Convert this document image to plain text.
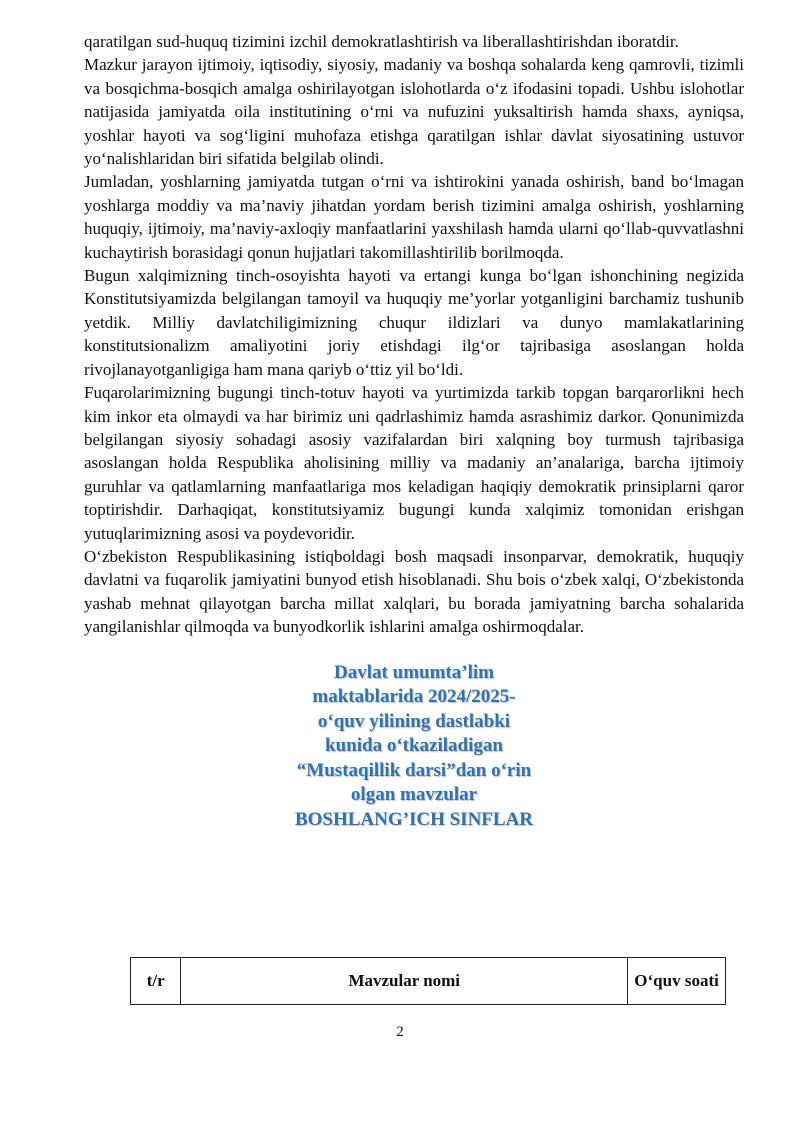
qaratilgan sud-huquq tizimini izchil demokratlashtirish va liberallashtirishdan iboratdir.

Mazkur jarayon ijtimoiy, iqtisodiy, siyosiy, madaniy va boshqa sohalarda keng qamrovli, tizimli va bosqichma-bosqich amalga oshirilayotgan islohotlarda o‘z ifodasini topadi. Ushbu islohotlar natijasida jamiyatda oila institutining o‘rni va nufuzini yuksaltirish hamda shaxs, ayniqsa, yoshlar hayoti va sog‘ligini muhofaza etishga qaratilgan ishlar davlat siyosatining ustuvor yo‘nalishlaridan biri sifatida belgilab olindi.

Jumladan, yoshlarning jamiyatda tutgan o‘rni va ishtirokini yanada oshirish, band bo‘lmagan yoshlarga moddiy va ma’naviy jihatdan yordam berish tizimini amalga oshirish, yoshlarning huquqiy, ijtimoiy, ma’naviy-axloqiy manfaatlarini yaxshilash hamda ularni qo‘llab-quvvatlashni kuchaytirish borasidagi qonun hujjatlari takomillashtirilib borilmoqda.

Bugun xalqimizning tinch-osoyishta hayoti va ertangi kunga bo‘lgan ishonchining negizida Konstitutsiyamizda belgilangan tamoyil va huquqiy me’yorlar yotganligini barchamiz tushunib yetdik. Milliy davlatchiligimizning chuqur ildizlari va dunyo mamlakatlarining konstitutsionalizm amaliyotini joriy etishdagi ilg‘or tajribasiga asoslangan holda rivojlanayotganligiga ham mana qariyb o‘ttiz yil bo‘ldi.

Fuqarolarimizning bugungi tinch-totuv hayoti va yurtimizda tarkib topgan barqarorlikni hech kim inkor eta olmaydi va har birimiz uni qadrlashimiz hamda asrashimiz darkor. Qonunimizda belgilangan siyosiy sohadagi asosiy vazifalardan biri xalqning boy turmush tajribasiga asoslangan holda Respublika aholisining milliy va madaniy an’analariga, barcha ijtimoiy guruhlar va qatlamlarning manfaatlariga mos keladigan haqiqiy demokratik prinsiplarni qaror toptirishdir. Darhaqiqat, konstitutsiyamiz bugungi kunda xalqimiz tomonidan erishgan yutuqlarimizning asosi va poydevoridir.

O‘zbekiston Respublikasining istiqboldagi bosh maqsadi insonparvar, demokratik, huquqiy davlatni va fuqarolik jamiyatini bunyod etish hisoblanadi. Shu bois o‘zbek xalqi, O‘zbekistonda yashab mehnat qilayotgan barcha millat xalqlari, bu borada jamiyatning barcha sohalarida yangilanishlar qilmoqda va bunyodkorlik ishlarini amalga oshirmoqdalar.

Davlat umumta’lim
maktablarida 2024/2025-
o‘quv yilining dastlabki
kunida o‘tkaziladigan
“Mustaqillik darsi”dan o‘rin
olgan mavzular
BOSHLANG’ICH SINFLAR
t/r	Mavzular nomi	O‘quv soati
2
